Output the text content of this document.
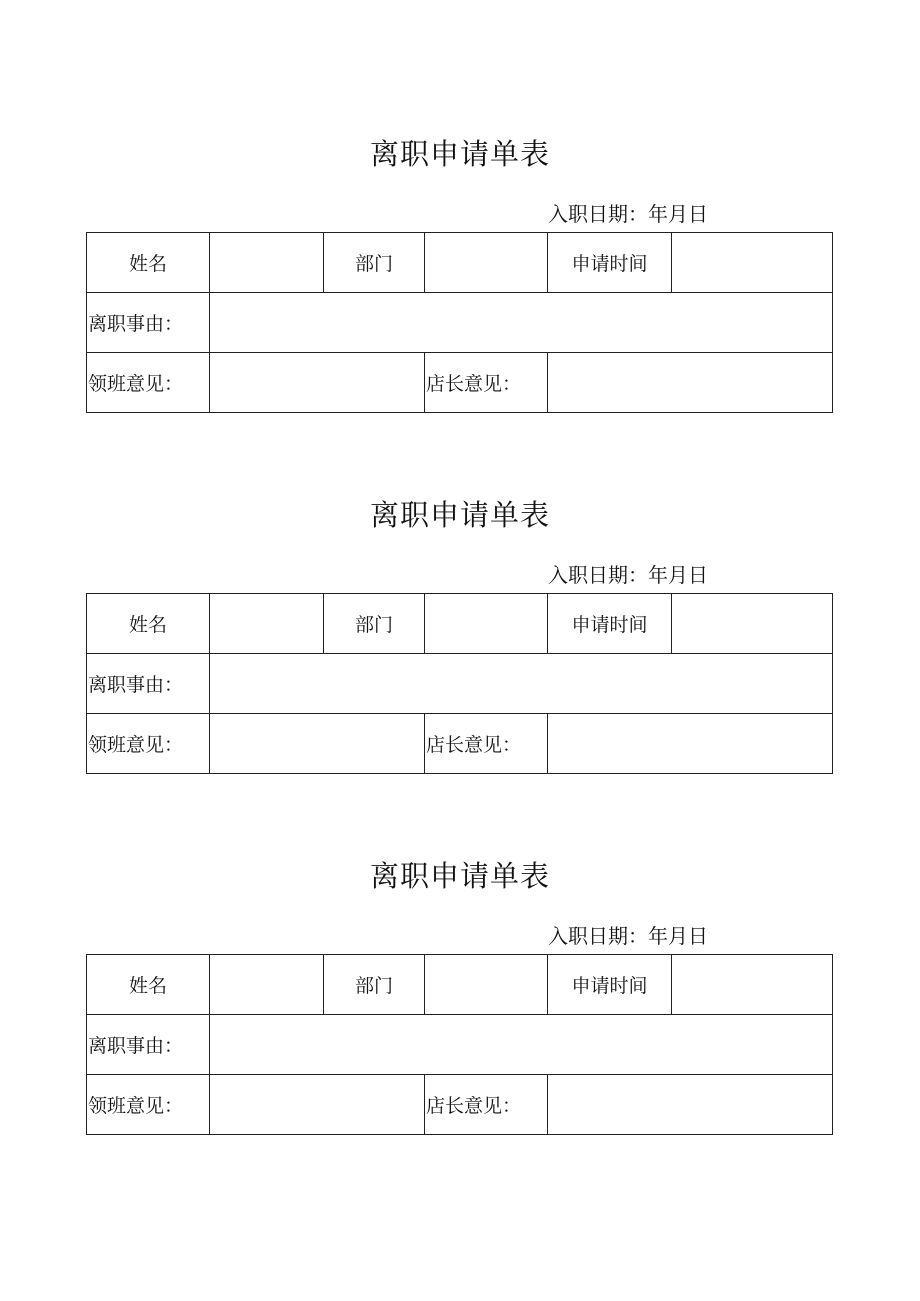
离职申请单表
入职日期：年月日
姓名		部门		申请时间	
离职事由：					
领班意见：			店长意见：		
离职申请单表
入职日期：年月日
姓名		部门		申请时间	
离职事由：					
领班意见：			店长意见：		
离职申请单表
入职日期：年月日
姓名		部门		申请时间	
离职事由：					
领班意见：			店长意见：		
